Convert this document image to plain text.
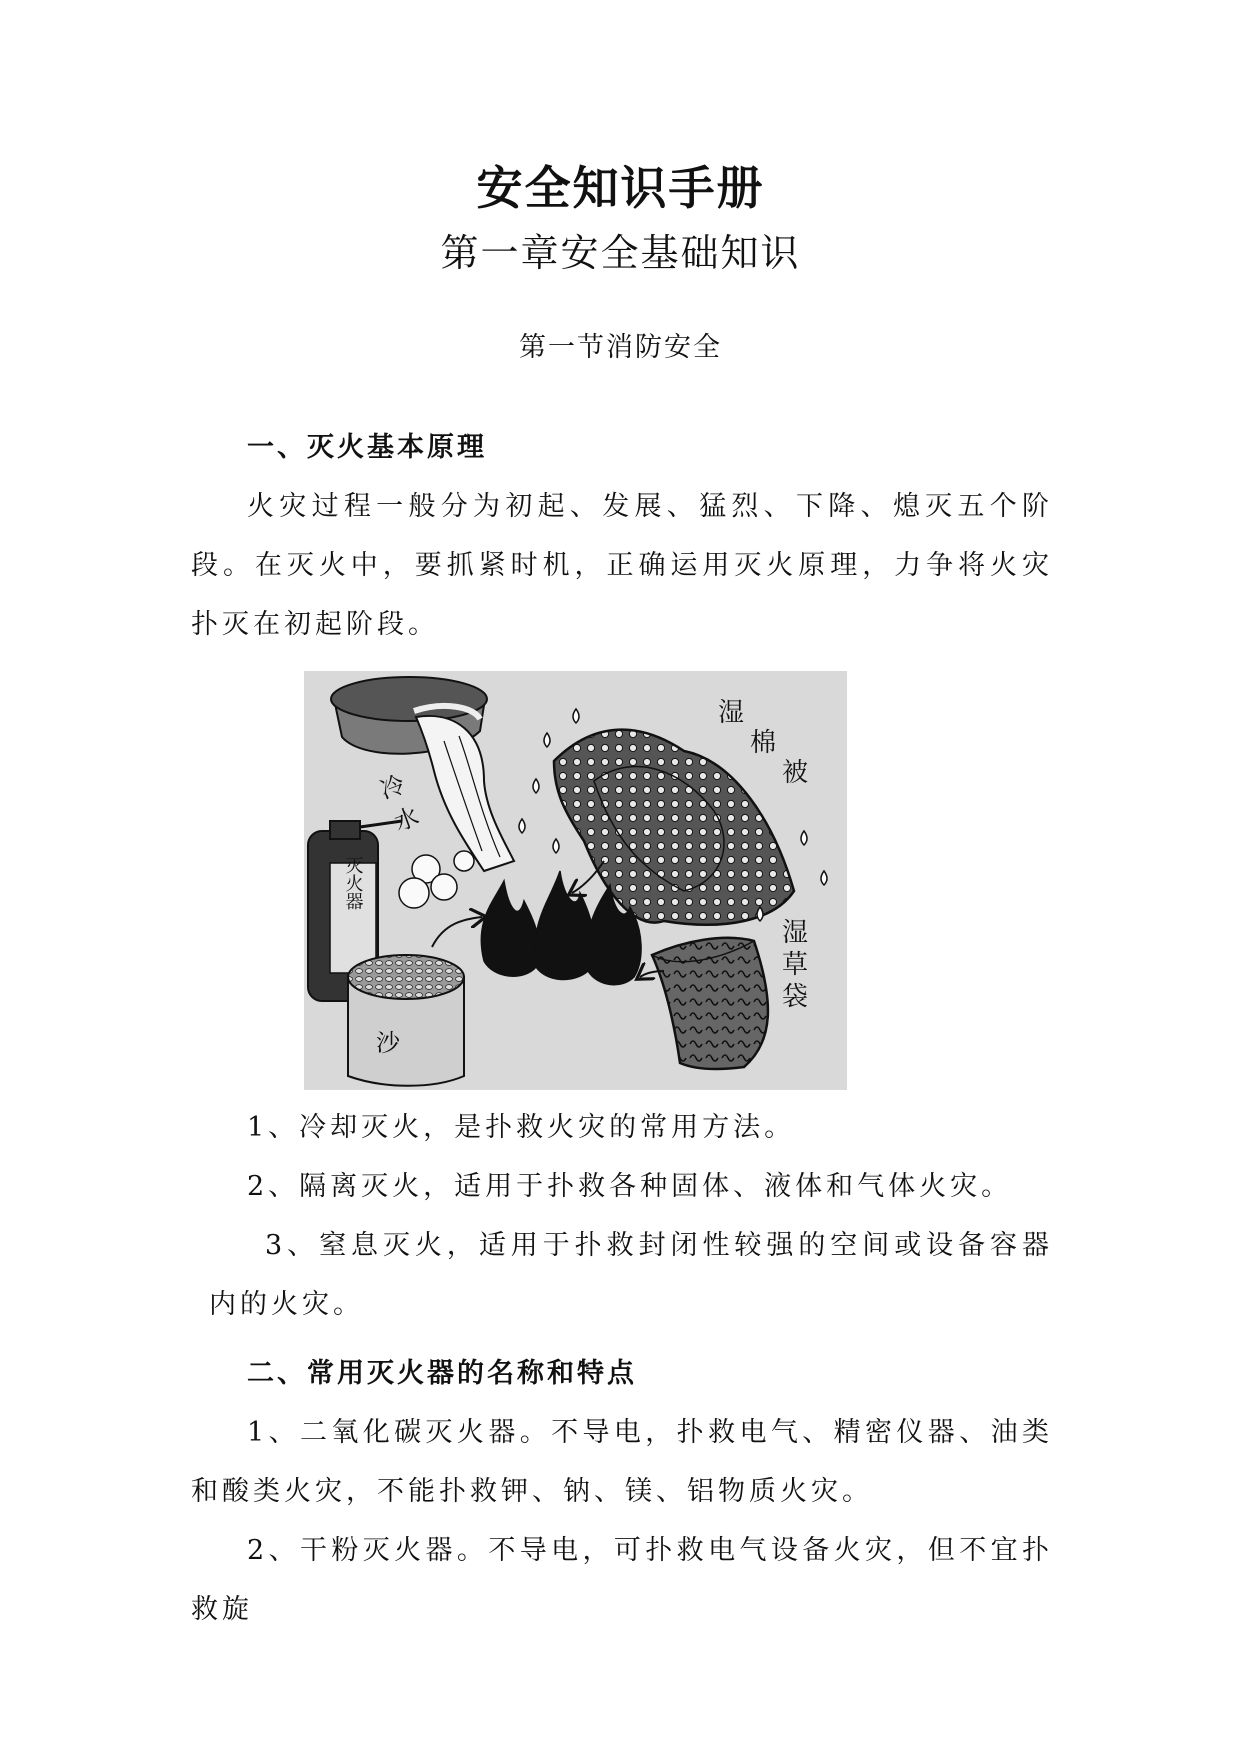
安全知识手册
第一章安全基础知识
第一节消防安全
一、灭火基本原理
火灾过程一般分为初起、发展、猛烈、下降、熄灭五个阶段。在灭火中，要抓紧时机，正确运用灭火原理，力争将火灾扑灭在初起阶段。
冷
水
灭火器
沙
湿
棉
被
湿
草
袋
1、冷却灭火，是扑救火灾的常用方法。
2、隔离灭火，适用于扑救各种固体、液体和气体火灾。
3、窒息灭火，适用于扑救封闭性较强的空间或设备容器内的火灾。
二、常用灭火器的名称和特点
1、二氧化碳灭火器。不导电，扑救电气、精密仪器、油类和酸类火灾，不能扑救钾、钠、镁、铝物质火灾。
2、干粉灭火器。不导电，可扑救电气设备火灾，但不宜扑救旋
